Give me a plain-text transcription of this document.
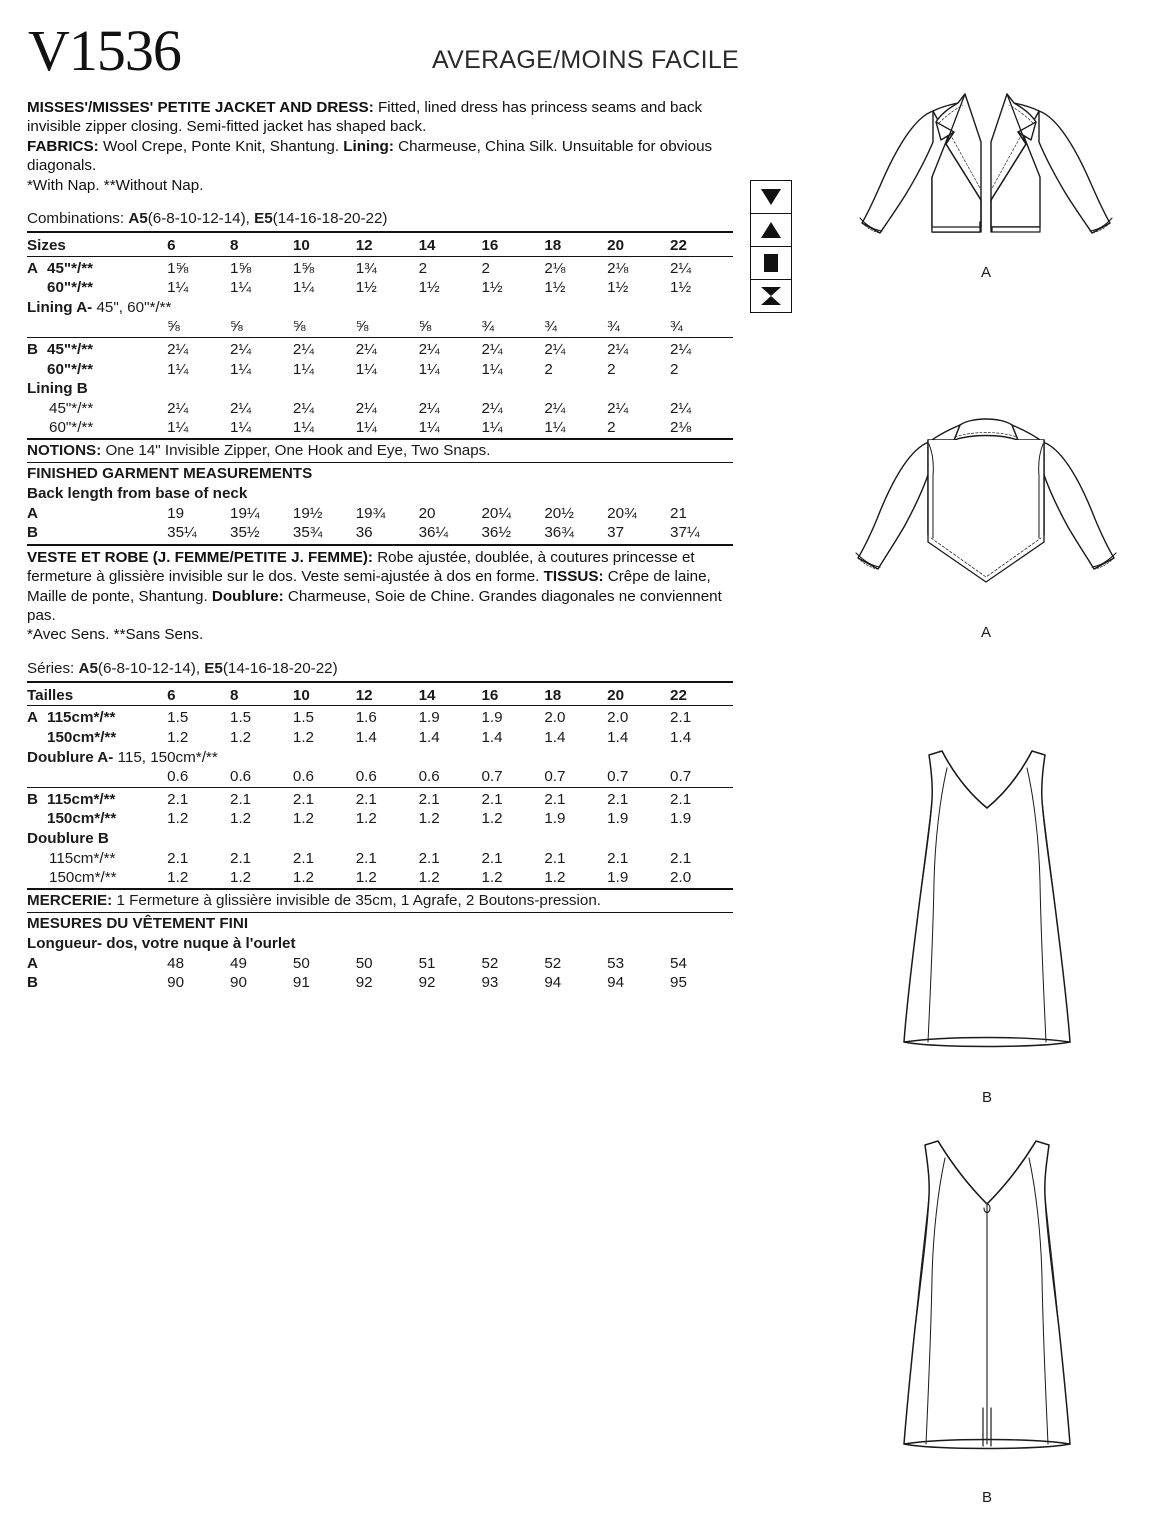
V1536	AVERAGE/MOINS FACILE
MISSES'/MISSES' PETITE JACKET AND DRESS: Fitted, lined dress has princess seams and back invisible zipper closing. Semi-fitted jacket has shaped back.
FABRICS: Wool Crepe, Ponte Knit, Shantung. Lining: Charmeuse, China Silk. Unsuitable for obvious diagonals.
*With Nap. **Without Nap.
Combinations: A5(6-8-10-12-14), E5(14-16-18-20-22)

Sizes	6	8	10	12	14	16	18	20	22

A 45"*/**	1⅝	1⅝	1⅝	1¾	2	2	2⅛	2⅛	2¼
60"*/**	1¼	1¼	1¼	1½	1½	1½	1½	1½	1½
Lining A- 45", 60"*/**									
	⅝	⅝	⅝	⅝	⅝	¾	¾	¾	¾

B 45"*/**	2¼	2¼	2¼	2¼	2¼	2¼	2¼	2¼	2¼
60"*/**	1¼	1¼	1¼	1¼	1¼	1¼	2	2	2
Lining B									
45"*/**	2¼	2¼	2¼	2¼	2¼	2¼	2¼	2¼	2¼
60"*/**	1¼	1¼	1¼	1¼	1¼	1¼	1¼	2	2⅛
NOTIONS: One 14" Invisible Zipper, One Hook and Eye, Two Snaps.
FINISHED GARMENT MEASUREMENTS
Back length from base of neck
A	19	19¼	19½	19¾	20	20¼	20½	20¾	21
B	35¼	35½	35¾	36	36¼	36½	36¾	37	37¼
VESTE ET ROBE (J. FEMME/PETITE J. FEMME): Robe ajustée, doublée, à coutures princesse et fermeture à glissière invisible sur le dos. Veste semi-ajustée à dos en forme. TISSUS: Crêpe de laine, Maille de ponte, Shantung. Doublure: Charmeuse, Soie de Chine. Grandes diagonales ne conviennent pas.
*Avec Sens. **Sans Sens.
Séries: A5(6-8-10-12-14), E5(14-16-18-20-22)

Tailles	6	8	10	12	14	16	18	20	22

A 115cm*/**	1.5	1.5	1.5	1.6	1.9	1.9	2.0	2.0	2.1
150cm*/**	1.2	1.2	1.2	1.4	1.4	1.4	1.4	1.4	1.4
Doublure A- 115, 150cm*/**									
	0.6	0.6	0.6	0.6	0.6	0.7	0.7	0.7	0.7

B 115cm*/**	2.1	2.1	2.1	2.1	2.1	2.1	2.1	2.1	2.1
150cm*/**	1.2	1.2	1.2	1.2	1.2	1.2	1.9	1.9	1.9
Doublure B									
115cm*/**	2.1	2.1	2.1	2.1	2.1	2.1	2.1	2.1	2.1
150cm*/**	1.2	1.2	1.2	1.2	1.2	1.2	1.2	1.9	2.0
MERCERIE: 1 Fermeture à glissière invisible de 35cm, 1 Agrafe, 2 Boutons-pression.
MESURES DU VÊTEMENT FINI
Longueur- dos, votre nuque à l'ourlet
A	48	49	50	50	51	52	52	53	54
B	90	90	91	92	92	93	94	94	95
A
A
B
B
